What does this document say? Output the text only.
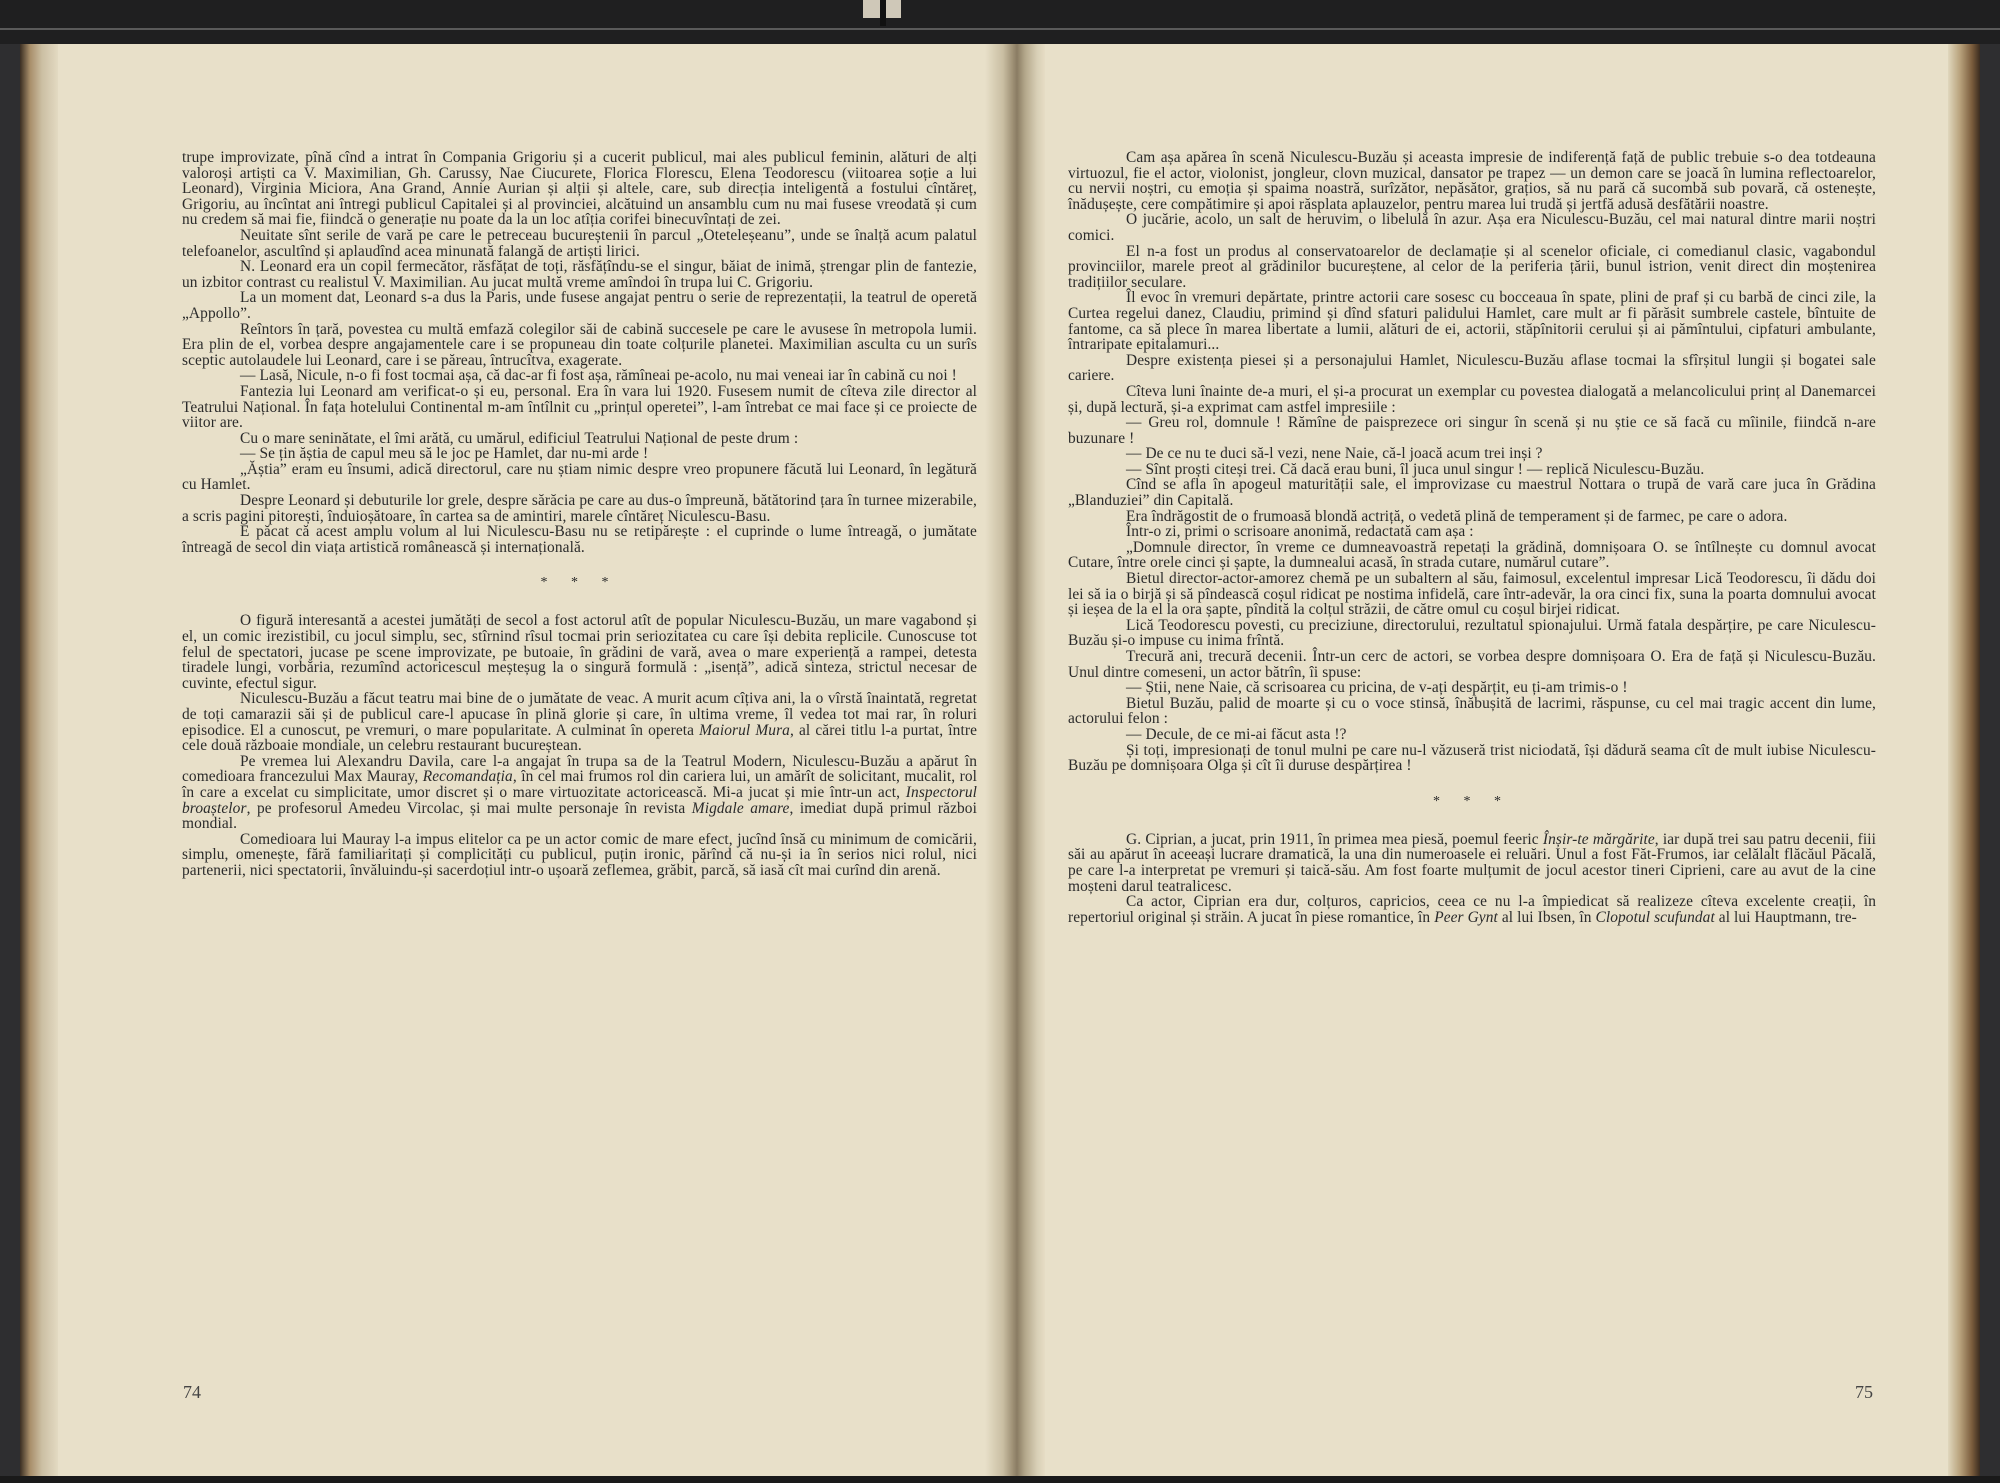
trupe improvizate, pînă cînd a intrat în Compania Grigoriu și a cucerit publicul, mai ales publicul feminin, alături de alți valoroși artiști ca V. Maximilian, Gh. Carussy, Nae Ciucurete, Florica Florescu, Elena Teodorescu (viitoarea soție a lui Leonard), Virginia Miciora, Ana Grand, Annie Aurian și alții și altele, care, sub direcția inteligentă a fostului cîntăreț, Grigoriu, au încîntat ani întregi publicul Capitalei și al provinciei, alcătuind un ansamblu cum nu mai fusese vreodată și cum nu credem să mai fie, fiindcă o generație nu poate da la un loc atîția corifei binecuvîntați de zei.

Neuitate sînt serile de vară pe care le petreceau bucureștenii în parcul „Oteteleșeanu”, unde se înalță acum palatul telefoanelor, ascultînd și aplaudînd acea minunată falangă de artiști lirici.

N. Leonard era un copil fermecător, răsfățat de toți, răsfățîndu-se el singur, băiat de inimă, ștrengar plin de fantezie, un izbitor contrast cu realistul V. Maximilian. Au jucat multă vreme amîndoi în trupa lui C. Grigoriu.

La un moment dat, Leonard s-a dus la Paris, unde fusese angajat pentru o serie de reprezentații, la teatrul de operetă „Appollo”.

Reîntors în țară, povestea cu multă emfază colegilor săi de cabină succesele pe care le avusese în metropola lumii. Era plin de el, vorbea despre angajamentele care i se propuneau din toate colțurile planetei. Maximilian asculta cu un surîs sceptic autolaudele lui Leonard, care i se păreau, întrucîtva, exagerate.

— Lasă, Nicule, n-o fi fost tocmai așa, că dac-ar fi fost așa, rămîneai pe-acolo, nu mai veneai iar în cabină cu noi !

Fantezia lui Leonard am verificat-o și eu, personal. Era în vara lui 1920. Fusesem numit de cîteva zile director al Teatrului Național. În fața hotelului Continental m-am întîlnit cu „prințul operetei”, l-am întrebat ce mai face și ce proiecte de viitor are.

Cu o mare seninătate, el îmi arătă, cu umărul, edificiul Teatrului Național de peste drum :

— Se țin ăștia de capul meu să le joc pe Hamlet, dar nu-mi arde !

„Ăștia” eram eu însumi, adică directorul, care nu știam nimic despre vreo propunere făcută lui Leonard, în legătură cu Hamlet.

Despre Leonard și debuturile lor grele, despre sărăcia pe care au dus-o împreună, bătătorind țara în turnee mizerabile, a scris pagini pitorești, înduioșătoare, în cartea sa de amintiri, marele cîntăreț Niculescu-Basu.

E păcat că acest amplu volum al lui Niculescu-Basu nu se retipărește : el cuprinde o lume întreagă, o jumătate întreagă de secol din viața artistică românească și internațională.

* * *

O figură interesantă a acestei jumătăți de secol a fost actorul atît de popular Niculescu-Buzău, un mare vagabond și el, un comic irezistibil, cu jocul simplu, sec, stîrnind rîsul tocmai prin seriozitatea cu care își debita replicile. Cunoscuse tot felul de spectatori, jucase pe scene improvizate, pe butoaie, în grădini de vară, avea o mare experiență a rampei, detesta tiradele lungi, vorbăria, rezumînd actoricescul meșteșug la o singură formulă : „isență”, adică sinteza, strictul necesar de cuvinte, efectul sigur.

Niculescu-Buzău a făcut teatru mai bine de o jumătate de veac. A murit acum cîțiva ani, la o vîrstă înaintată, regretat de toți camarazii săi și de publicul care-l apucase în plină glorie și care, în ultima vreme, îl vedea tot mai rar, în roluri episodice. El a cunoscut, pe vremuri, o mare popularitate. A culminat în opereta Maiorul Mura, al cărei titlu l-a purtat, între cele două războaie mondiale, un celebru restaurant bucureștean.

Pe vremea lui Alexandru Davila, care l-a angajat în trupa sa de la Teatrul Modern, Niculescu-Buzău a apărut în comedioara francezului Max Mauray, Recomandația, în cel mai frumos rol din cariera lui, un amărît de solicitant, mucalit, rol în care a excelat cu simplicitate, umor discret și o mare virtuozitate actoricească. Mi-a jucat și mie într-un act, Inspectorul broaștelor, pe profesorul Amedeu Vircolac, și mai multe personaje în revista Migdale amare, imediat după primul război mondial.

Comedioara lui Mauray l-a impus elitelor ca pe un actor comic de mare efect, jucînd însă cu minimum de comicării, simplu, omenește, fără familiaritați și complicități cu publicul, puțin ironic, părînd că nu-și ia în serios nici rolul, nici partenerii, nici spectatorii, învăluindu-și sacerdoțiul intr-o ușoară zeflemea, grăbit, parcă, să iasă cît mai curînd din arenă.

74

Cam așa apărea în scenă Niculescu-Buzău și aceasta impresie de indiferență față de public trebuie s-o dea totdeauna virtuozul, fie el actor, violonist, jongleur, clovn muzical, dansator pe trapez — un demon care se joacă în lumina reflectoarelor, cu nervii noștri, cu emoția și spaima noastră, surîzător, nepăsător, grațios, să nu pară că sucombă sub povară, că ostenește, înădușește, cere compătimire și apoi răsplata aplauzelor, pentru marea lui trudă și jertfă adusă desfătării noastre.

O jucărie, acolo, un salt de heruvim, o libelulă în azur. Așa era Niculescu-Buzău, cel mai natural dintre marii noștri comici.

El n-a fost un produs al conservatoarelor de declamație și al scenelor oficiale, ci comedianul clasic, vagabondul provinciilor, marele preot al grădinilor bucureștene, al celor de la periferia țării, bunul istrion, venit direct din moștenirea tradițiilor seculare.

Îl evoc în vremuri depărtate, printre actorii care sosesc cu bocceaua în spate, plini de praf și cu barbă de cinci zile, la Curtea regelui danez, Claudiu, primind și dînd sfaturi palidului Hamlet, care mult ar fi părăsit sumbrele castele, bîntuite de fantome, ca să plece în marea libertate a lumii, alături de ei, actorii, stăpînitorii cerului și ai pămîntului, cipfaturi ambulante, întraripate epitalamuri...

Despre existența piesei și a personajului Hamlet, Niculescu-Buzău aflase tocmai la sfîrșitul lungii și bogatei sale cariere.

Cîteva luni înainte de-a muri, el și-a procurat un exemplar cu povestea dialogată a melancolicului prinț al Danemarcei și, după lectură, și-a exprimat cam astfel impresiile :

— Greu rol, domnule ! Rămîne de paisprezece ori singur în scenă și nu știe ce să facă cu mîinile, fiindcă n-are buzunare !

— De ce nu te duci să-l vezi, nene Naie, că-l joacă acum trei inși ?

— Sînt proști citeși trei. Că dacă erau buni, îl juca unul singur ! — replică Niculescu-Buzău.

Cînd se afla în apogeul maturității sale, el improvizase cu maestrul Nottara o trupă de vară care juca în Grădina „Blanduziei” din Capitală.

Era îndrăgostit de o frumoasă blondă actriță, o vedetă plină de temperament și de farmec, pe care o adora.

Într-o zi, primi o scrisoare anonimă, redactată cam așa :

„Domnule director, în vreme ce dumneavoastră repetați la grădină, domnișoara O. se întîlnește cu domnul avocat Cutare, între orele cinci și șapte, la dumnealui acasă, în strada cutare, numărul cutare”.

Bietul director-actor-amorez chemă pe un subaltern al său, faimosul, excelentul impresar Lică Teodorescu, îi dădu doi lei să ia o birjă și să pîndească coșul ridicat pe nostima infidelă, care într-adevăr, la ora cinci fix, suna la poarta domnului avocat și ieșea de la el la ora șapte, pîndită la colțul străzii, de către omul cu coșul birjei ridicat.

Lică Teodorescu povesti, cu preciziune, directorului, rezultatul spionajului. Urmă fatala despărțire, pe care Niculescu-Buzău și-o impuse cu inima frîntă.

Trecură ani, trecură decenii. Într-un cerc de actori, se vorbea despre domnișoara O. Era de față și Niculescu-Buzău. Unul dintre comeseni, un actor bătrîn, îi spuse:

— Știi, nene Naie, că scrisoarea cu pricina, de v-ați despărțit, eu ți-am trimis-o !

Bietul Buzău, palid de moarte și cu o voce stinsă, înăbușită de lacrimi, răspunse, cu cel mai tragic accent din lume, actorului felon :

— Decule, de ce mi-ai făcut asta !?

Și toți, impresionați de tonul mulni pe care nu-l văzuseră trist niciodată, își dădură seama cît de mult iubise Niculescu-Buzău pe domnișoara Olga și cît îi duruse despărțirea !

* * *

G. Ciprian, a jucat, prin 1911, în primea mea piesă, poemul feeric Înșir-te mărgărite, iar după trei sau patru decenii, fiii săi au apărut în aceeași lucrare dramatică, la una din numeroasele ei reluări. Unul a fost Făt-Frumos, iar celălalt flăcăul Păcală, pe care l-a interpretat pe vremuri și taică-său. Am fost foarte mulțumit de jocul acestor tineri Ciprieni, care au avut de la cine moșteni darul teatralicesc.

Ca actor, Ciprian era dur, colțuros, capricios, ceea ce nu l-a împiedicat să realizeze cîteva excelente creații, în repertoriul original și străin. A jucat în piese romantice, în Peer Gynt al lui Ibsen, în Clopotul scufundat al lui Hauptmann, tre-

75
